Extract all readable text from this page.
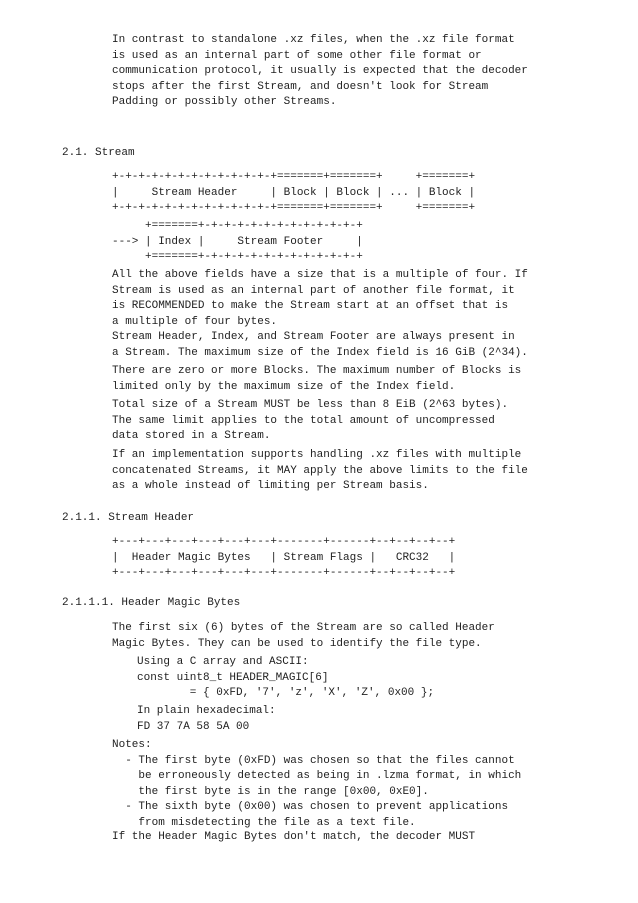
In contrast to standalone .xz files, when the .xz file format
is used as an internal part of some other file format or
communication protocol, it usually is expected that the decoder
stops after the first Stream, and doesn't look for Stream
Padding or possibly other Streams.
2.1. Stream
+-+-+-+-+-+-+-+-+-+-+-+-+=======+=======+     +=======+
|     Stream Header     | Block | Block | ... | Block |
+-+-+-+-+-+-+-+-+-+-+-+-+=======+=======+     +=======+
+=======+-+-+-+-+-+-+-+-+-+-+-+-+
---> | Index |     Stream Footer     |
+=======+-+-+-+-+-+-+-+-+-+-+-+-+
All the above fields have a size that is a multiple of four. If
Stream is used as an internal part of another file format, it
is RECOMMENDED to make the Stream start at an offset that is
a multiple of four bytes.
Stream Header, Index, and Stream Footer are always present in
a Stream. The maximum size of the Index field is 16 GiB (2^34).
There are zero or more Blocks. The maximum number of Blocks is
limited only by the maximum size of the Index field.
Total size of a Stream MUST be less than 8 EiB (2^63 bytes).
The same limit applies to the total amount of uncompressed
data stored in a Stream.
If an implementation supports handling .xz files with multiple
concatenated Streams, it MAY apply the above limits to the file
as a whole instead of limiting per Stream basis.
2.1.1. Stream Header
+---+---+---+---+---+---+-------+------+--+--+--+--+
|  Header Magic Bytes   | Stream Flags |   CRC32   |
+---+---+---+---+---+---+-------+------+--+--+--+--+
2.1.1.1. Header Magic Bytes
The first six (6) bytes of the Stream are so called Header
Magic Bytes. They can be used to identify the file type.
Using a C array and ASCII:
const uint8_t HEADER_MAGIC[6]
= { 0xFD, '7', 'z', 'X', 'Z', 0x00 };
In plain hexadecimal:
FD 37 7A 58 5A 00
Notes:
- The first byte (0xFD) was chosen so that the files cannot
be erroneously detected as being in .lzma format, in which
the first byte is in the range [0x00, 0xE0].
- The sixth byte (0x00) was chosen to prevent applications
from misdetecting the file as a text file.
If the Header Magic Bytes don't match, the decoder MUST
